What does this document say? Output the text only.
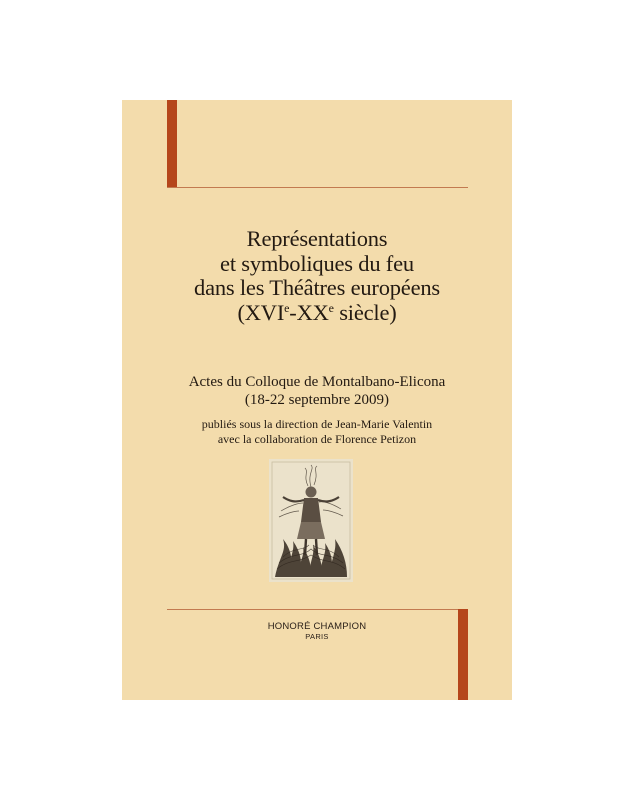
Représentations
et symboliques du feu
dans les Théâtres européens
(XVIe-XXe siècle)
Actes du Colloque de Montalbano-Elicona
(18-22 septembre 2009)
publiés sous la direction de Jean-Marie Valentin
avec la collaboration de Florence Petizon
HONORÉ CHAMPION
PARIS
